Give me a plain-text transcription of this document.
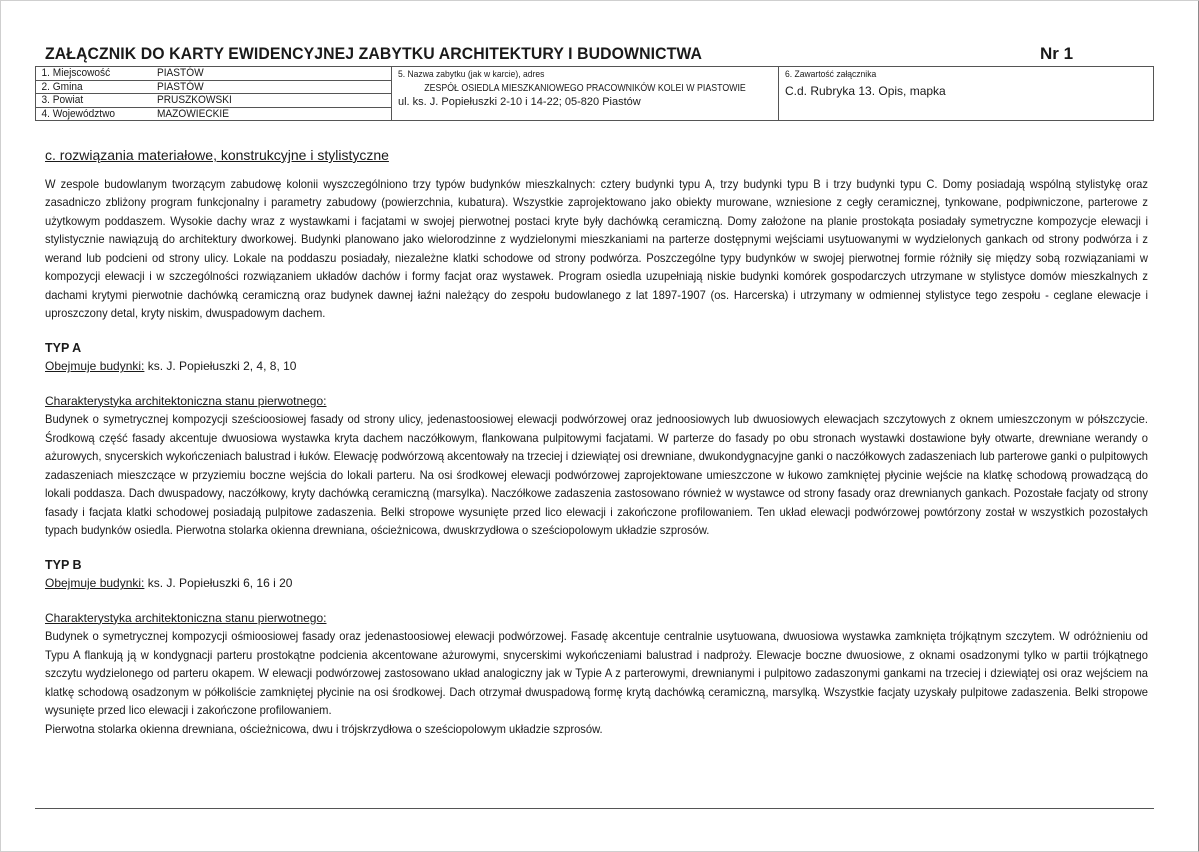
ZAŁĄCZNIK DO KARTY EWIDENCYJNEJ ZABYTKU ARCHITEKTURY I BUDOWNICTWA	Nr 1
1. Miejscowość	PIASTÓW
2. Gmina	PIASTÓW
3. Powiat	PRUSZKOWSKI
4. Województwo	MAZOWIECKIE

5. Nazwa zabytku (jak w karcie), adres
ZESPÓŁ OSIEDLA MIESZKANIOWEGO PRACOWNIKÓW KOLEI W PIASTOWIE
ul. ks. J. Popiełuszki 2-10 i 14-22; 05-820 Piastów

6. Zawartość załącznika
C.d. Rubryka 13. Opis, mapka
c. rozwiązania materiałowe, konstrukcyjne i stylistyczne

W zespole budowlanym tworzącym zabudowę kolonii wyszczególniono trzy typów budynków mieszkalnych: cztery budynki typu A, trzy budynki typu B i trzy budynki typu C. Domy posiadają wspólną stylistykę oraz zasadniczo zbliżony program funkcjonalny i parametry zabudowy (powierzchnia, kubatura). Wszystkie zaprojektowano jako obiekty murowane, wzniesione z cegły ceramicznej, tynkowane, podpiwniczone, parterowe z użytkowym poddaszem. Wysokie dachy wraz z wystawkami i facjatami w swojej pierwotnej postaci kryte były dachówką ceramiczną. Domy założone na planie prostokąta posiadały symetryczne kompozycje elewacji i stylistycznie nawiązują do architektury dworkowej. Budynki planowano jako wielorodzinne z wydzielonymi mieszkaniami na parterze dostępnymi wejściami usytuowanymi w wydzielonych gankach od strony podwórza i z werand lub podcieni od strony ulicy. Lokale na poddaszu posiadały, niezależne klatki schodowe od strony podwórza. Poszczególne typy budynków w swojej pierwotnej formie różniły się między sobą rozwiązaniami w kompozycji elewacji i w szczególności rozwiązaniem układów dachów i formy facjat oraz wystawek. Program osiedla uzupełniają niskie budynki komórek gospodarczych utrzymane w stylistyce domów mieszkalnych z dachami krytymi pierwotnie dachówką ceramiczną oraz budynek dawnej łaźni należący do zespołu budowlanego z lat 1897-1907 (os. Harcerska) i utrzymany w odmiennej stylistyce tego zespołu - ceglane elewacje i uproszczony detal, kryty niskim, dwuspadowym dachem.

TYP A
Obejmuje budynki: ks. J. Popiełuszki 2, 4, 8, 10
Charakterystyka architektoniczna stanu pierwotnego:

Budynek o symetrycznej kompozycji sześcioosiowej fasady od strony ulicy, jedenastoosiowej elewacji podwórzowej oraz jednoosiowych lub dwuosiowych elewacjach szczytowych z oknem umieszczonym w półszczycie. Środkową część fasady akcentuje dwuosiowa wystawka kryta dachem naczółkowym, flankowana pulpitowymi facjatami. W parterze do fasady po obu stronach wystawki dostawione były otwarte, drewniane werandy o ażurowych, snycerskich wykończeniach balustrad i łuków. Elewację podwórzową akcentowały na trzeciej i dziewiątej osi drewniane, dwukondygnacyjne ganki o naczółkowych zadaszeniach lub parterowe ganki o pulpitowych zadaszeniach mieszczące w przyziemiu boczne wejścia do lokali parteru. Na osi środkowej elewacji podwórzowej zaprojektowane umieszczone w łukowo zamkniętej płycinie wejście na klatkę schodową prowadzącą do lokali poddasza. Dach dwuspadowy, naczółkowy, kryty dachówką ceramiczną (marsylka). Naczółkowe zadaszenia zastosowano również w wystawce od strony fasady oraz drewnianych gankach. Pozostałe facjaty od strony fasady i facjata klatki schodowej posiadają pulpitowe zadaszenia. Belki stropowe wysunięte przed lico elewacji i zakończone profilowaniem. Ten układ elewacji podwórzowej powtórzony został w wszystkich pozostałych typach budynków osiedla. Pierwotna stolarka okienna drewniana, ościeżnicowa, dwuskrzydłowa o sześciopolowym układzie szprosów.

TYP B
Obejmuje budynki: ks. J. Popiełuszki 6, 16 i 20
Charakterystyka architektoniczna stanu pierwotnego:

Budynek o symetrycznej kompozycji ośmioosiowej fasady oraz jedenastoosiowej elewacji podwórzowej. Fasadę akcentuje centralnie usytuowana, dwuosiowa wystawka zamknięta trójkątnym szczytem. W odróżnieniu od Typu A flankują ją w kondygnacji parteru prostokątne podcienia akcentowane ażurowymi, snycerskimi wykończeniami balustrad i nadproży. Elewacje boczne dwuosiowe, z oknami osadzonymi tylko w partii trójkątnego szczytu wydzielonego od parteru okapem. W elewacji podwórzowej zastosowano układ analogiczny jak w Typie A z parterowymi, drewnianymi i pulpitowo zadaszonymi gankami na trzeciej i dziewiątej osi oraz wejściem na klatkę schodową osadzonym w półkoliście zamkniętej płycinie na osi środkowej. Dach otrzymał dwuspadową formę krytą dachówką ceramiczną, marsylką. Wszystkie facjaty uzyskały pulpitowe zadaszenia. Belki stropowe wysunięte przed lico elewacji i zakończone profilowaniem.

Pierwotna stolarka okienna drewniana, ościeżnicowa, dwu i trójskrzydłowa o sześciopolowym układzie szprosów.
